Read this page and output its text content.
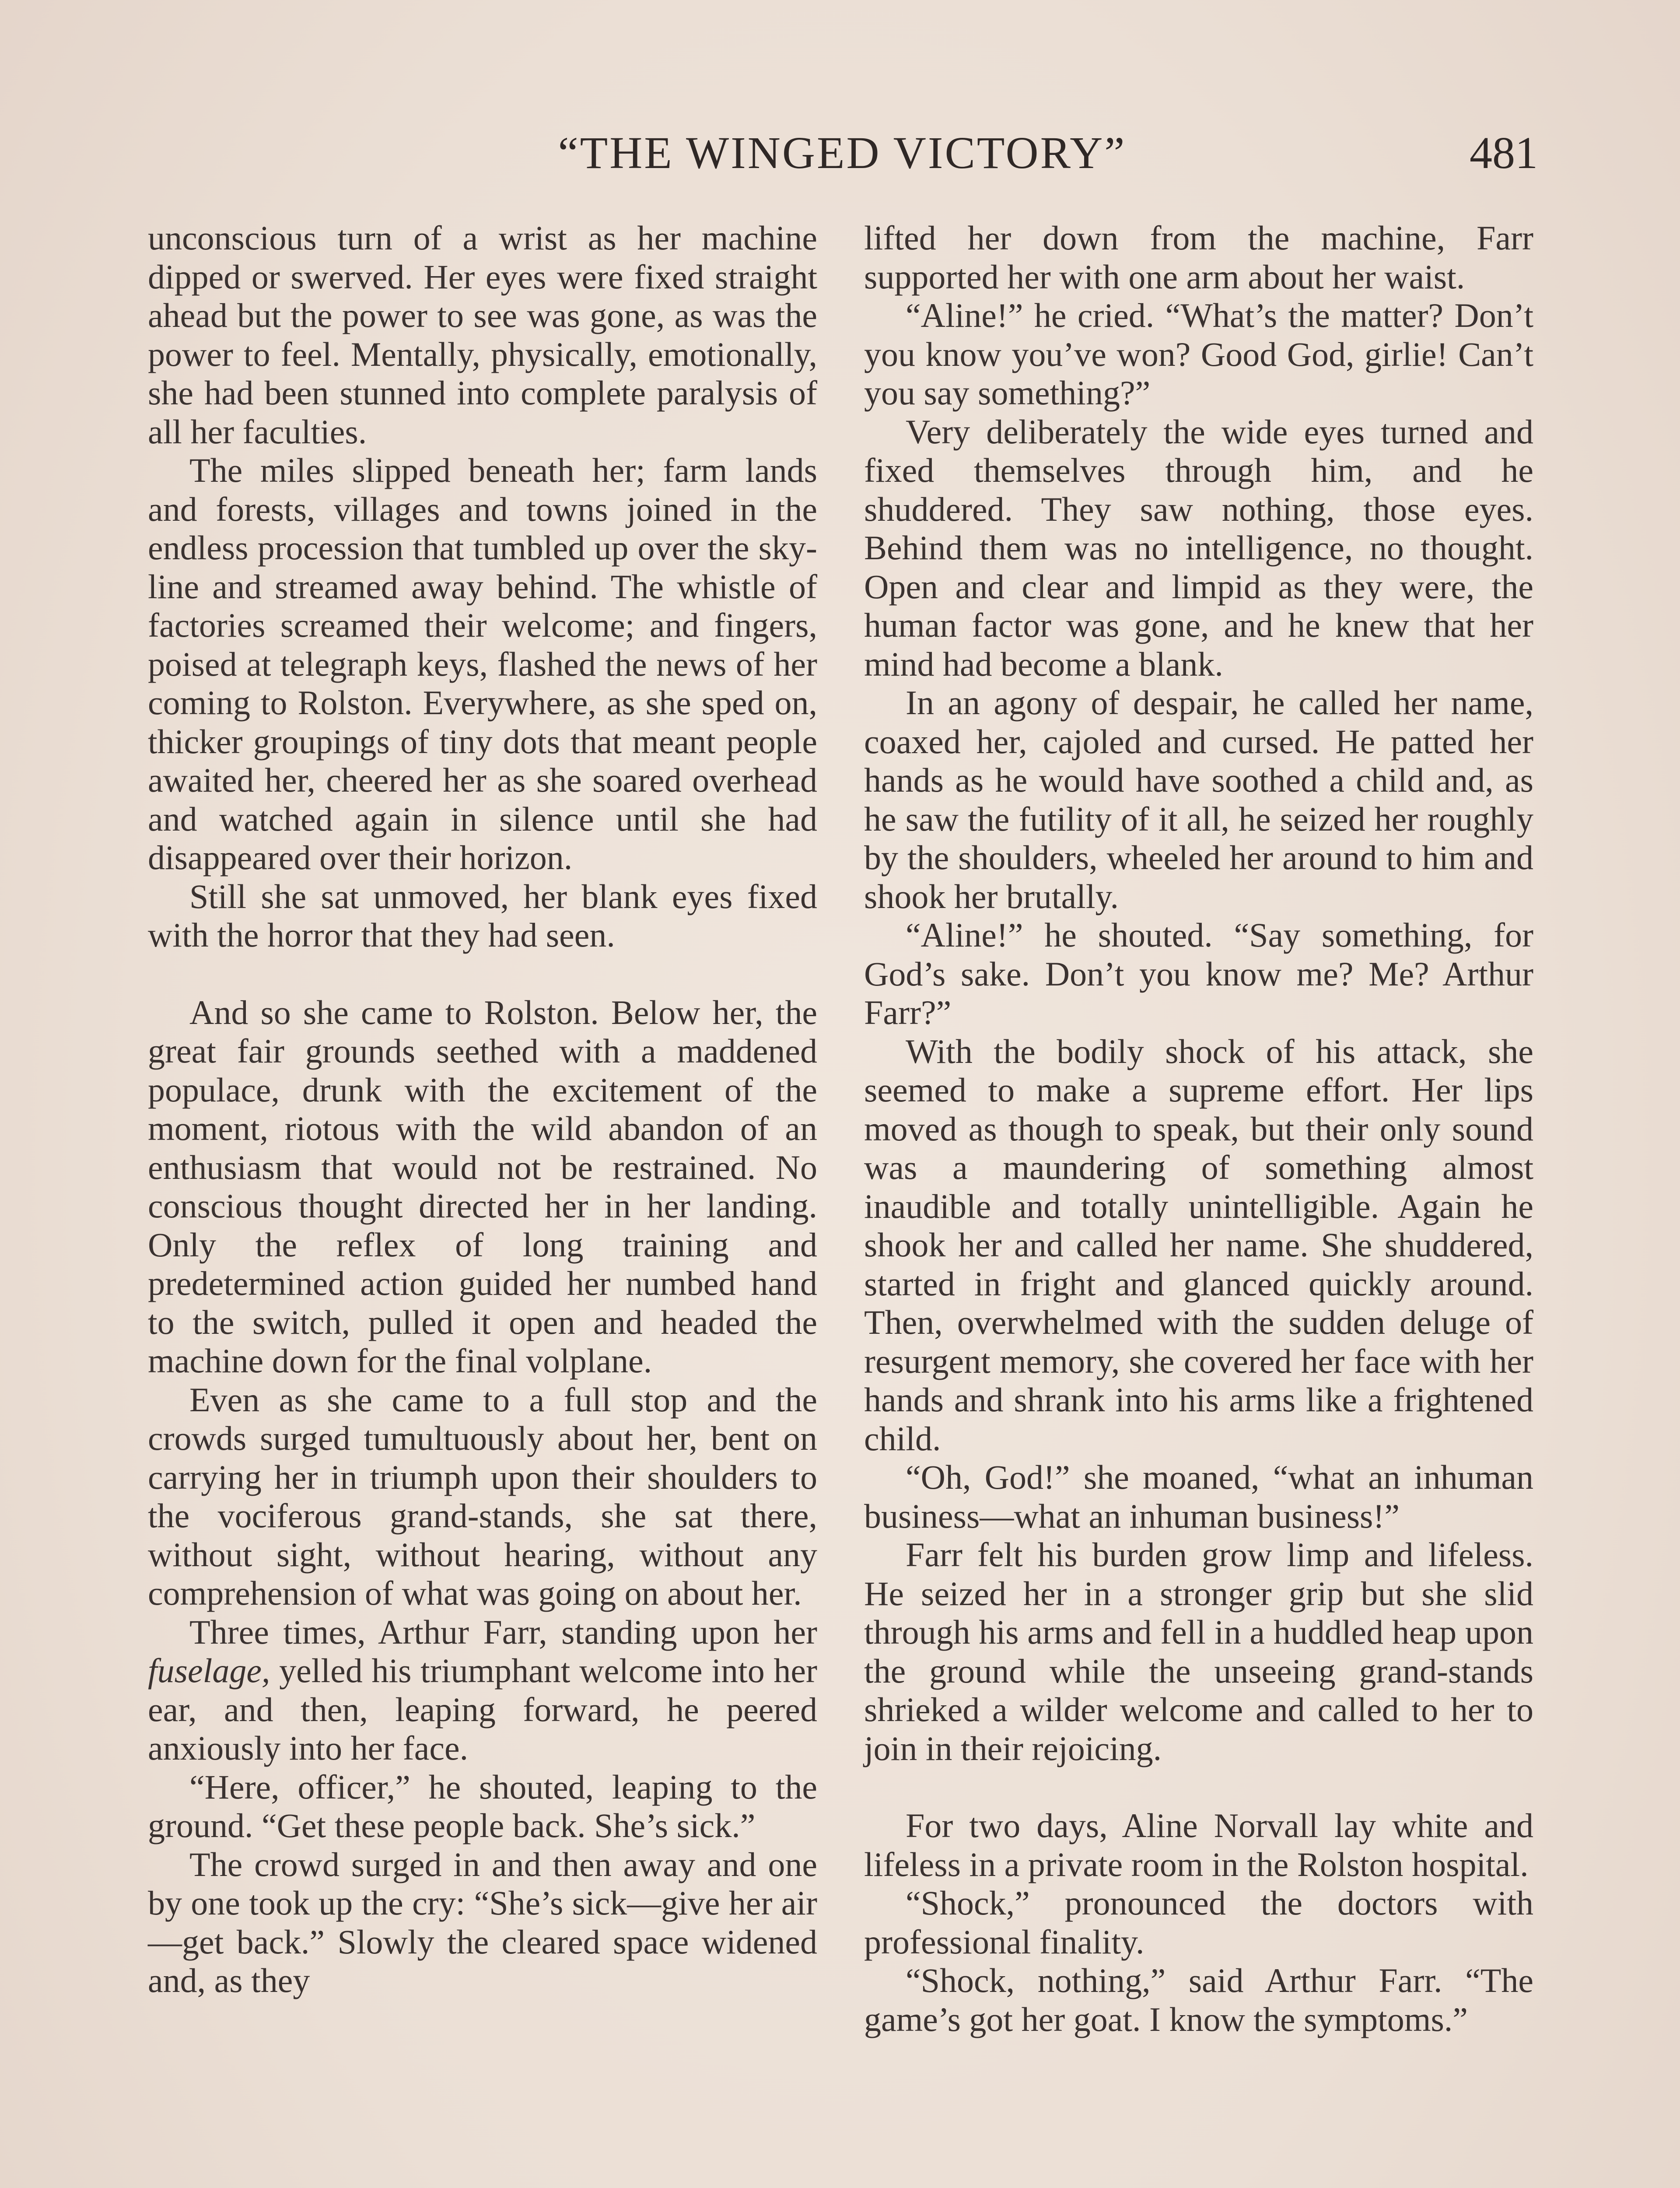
“THE WINGED VICTORY”	481

unconscious turn of a wrist as her machine dipped or swerved. Her eyes were fixed straight ahead but the power to see was gone, as was the power to feel. Mentally, physically, emotionally, she had been stunned into complete paralysis of all her faculties.

The miles slipped beneath her; farm lands and forests, villages and towns joined in the endless procession that tumbled up over the sky-line and streamed away behind. The whistle of factories screamed their welcome; and fingers, poised at telegraph keys, flashed the news of her coming to Rolston. Everywhere, as she sped on, thicker groupings of tiny dots that meant people awaited her, cheered her as she soared overhead and watched again in silence until she had disappeared over their horizon.

Still she sat unmoved, her blank eyes fixed with the horror that they had seen.

And so she came to Rolston. Below her, the great fair grounds seethed with a maddened populace, drunk with the excitement of the moment, riotous with the wild abandon of an enthusiasm that would not be restrained. No conscious thought directed her in her landing. Only the reflex of long training and predetermined action guided her numbed hand to the switch, pulled it open and headed the machine down for the final volplane.

Even as she came to a full stop and the crowds surged tumultuously about her, bent on carrying her in triumph upon their shoulders to the vociferous grand-stands, she sat there, without sight, without hearing, without any comprehension of what was going on about her.

Three times, Arthur Farr, standing upon her fuselage, yelled his triumphant welcome into her ear, and then, leaping forward, he peered anxiously into her face.

“Here, officer,” he shouted, leaping to the ground. “Get these people back. She’s sick.”

The crowd surged in and then away and one by one took up the cry: “She’s sick—give her air—get back.” Slowly the cleared space widened and, as they

lifted her down from the machine, Farr supported her with one arm about her waist.

“Aline!” he cried. “What’s the matter? Don’t you know you’ve won? Good God, girlie! Can’t you say something?”

Very deliberately the wide eyes turned and fixed themselves through him, and he shuddered. They saw nothing, those eyes. Behind them was no intelligence, no thought. Open and clear and limpid as they were, the human factor was gone, and he knew that her mind had become a blank.

In an agony of despair, he called her name, coaxed her, cajoled and cursed. He patted her hands as he would have soothed a child and, as he saw the futility of it all, he seized her roughly by the shoulders, wheeled her around to him and shook her brutally.

“Aline!” he shouted. “Say something, for God’s sake. Don’t you know me? Me? Arthur Farr?”

With the bodily shock of his attack, she seemed to make a supreme effort. Her lips moved as though to speak, but their only sound was a maundering of something almost inaudible and totally unintelligible. Again he shook her and called her name. She shuddered, started in fright and glanced quickly around. Then, overwhelmed with the sudden deluge of resurgent memory, she covered her face with her hands and shrank into his arms like a frightened child.

“Oh, God!” she moaned, “what an inhuman business—what an inhuman business!”

Farr felt his burden grow limp and lifeless. He seized her in a stronger grip but she slid through his arms and fell in a huddled heap upon the ground while the unseeing grand-stands shrieked a wilder welcome and called to her to join in their rejoicing.

For two days, Aline Norvall lay white and lifeless in a private room in the Rolston hospital.

“Shock,” pronounced the doctors with professional finality.

“Shock, nothing,” said Arthur Farr. “The game’s got her goat. I know the symptoms.”
